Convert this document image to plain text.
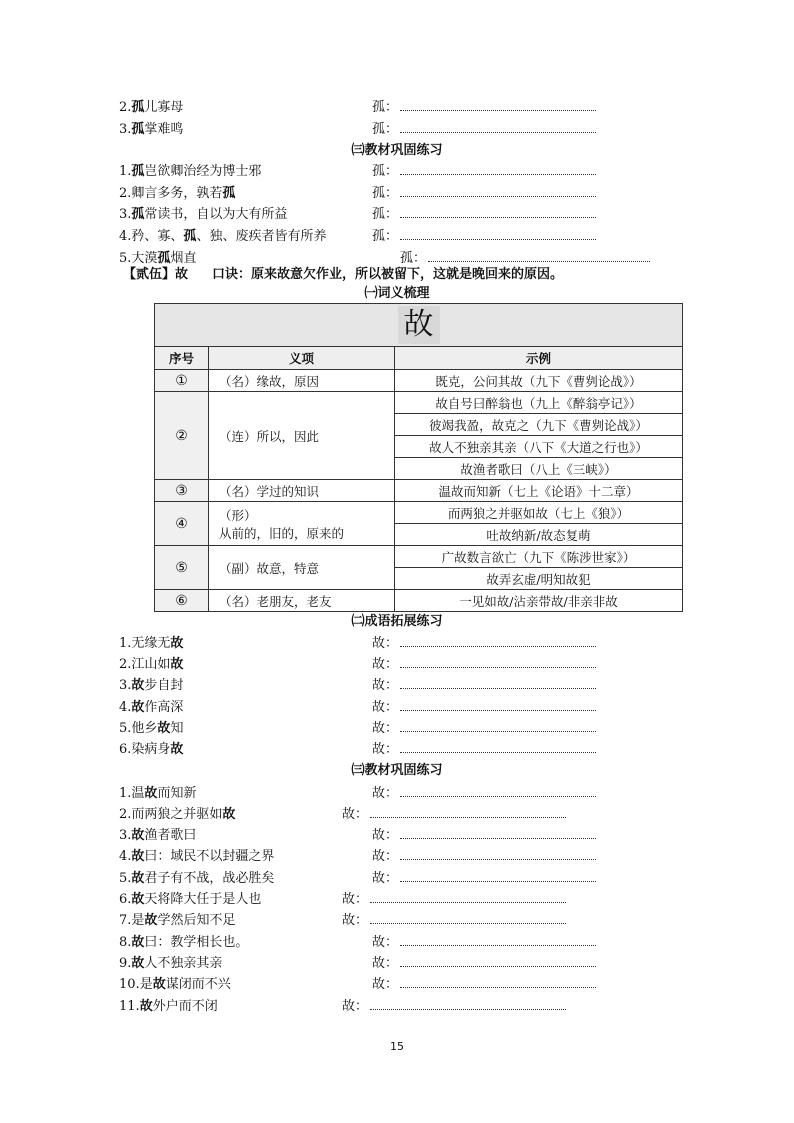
2.孤儿寡母	孤：
3.孤掌难鸣	孤：
㈢教材巩固练习
1.孤岂欲卿治经为博士邪	孤：
2.卿言多务，孰若孤	孤：
3.孤常读书，自以为大有所益	孤：
4.矜、寡、孤、独、废疾者皆有所养	孤：
5.大漠孤烟直	孤：
【贰伍】故 口诀：原来故意欠作业，所以被留下，这就是晚回来的原因。
㈠词义梳理
故		
序号	义项	示例
①	（名）缘故，原因	既克，公问其故（九下《曹刿论战》）
②	（连）所以，因此	故自号曰醉翁也（九上《醉翁亭记》）
		彼竭我盈，故克之（九下《曹刿论战》）
		故人不独亲其亲（八下《大道之行也》）
		故渔者歌曰（八上《三峡》）
③	（名）学过的知识	温故而知新（七上《论语》十二章）
④	（形）
从前的，旧的，原来的	而两狼之并驱如故（七上《狼》）
		吐故纳新/故态复萌
⑤	（副）故意，特意	广故数言欲亡（九下《陈涉世家》）
		故弄玄虚/明知故犯
⑥	（名）老朋友，老友	一见如故/沾亲带故/非亲非故
㈡成语拓展练习
1.无缘无故	故：
2.江山如故	故：
3.故步自封	故：
4.故作高深	故：
5.他乡故知	故：
6.染病身故	故：
㈢教材巩固练习
1.温故而知新	故：
2.而两狼之并驱如故	故：
3.故渔者歌曰	故：
4.故曰：域民不以封疆之界	故：
5.故君子有不战，战必胜矣	故：
6.故天将降大任于是人也	故：
7.是故学然后知不足	故：
8.故曰：教学相长也。	故：
9.故人不独亲其亲	故：
10.是故谋闭而不兴	故：
11.故外户而不闭	故：
15
